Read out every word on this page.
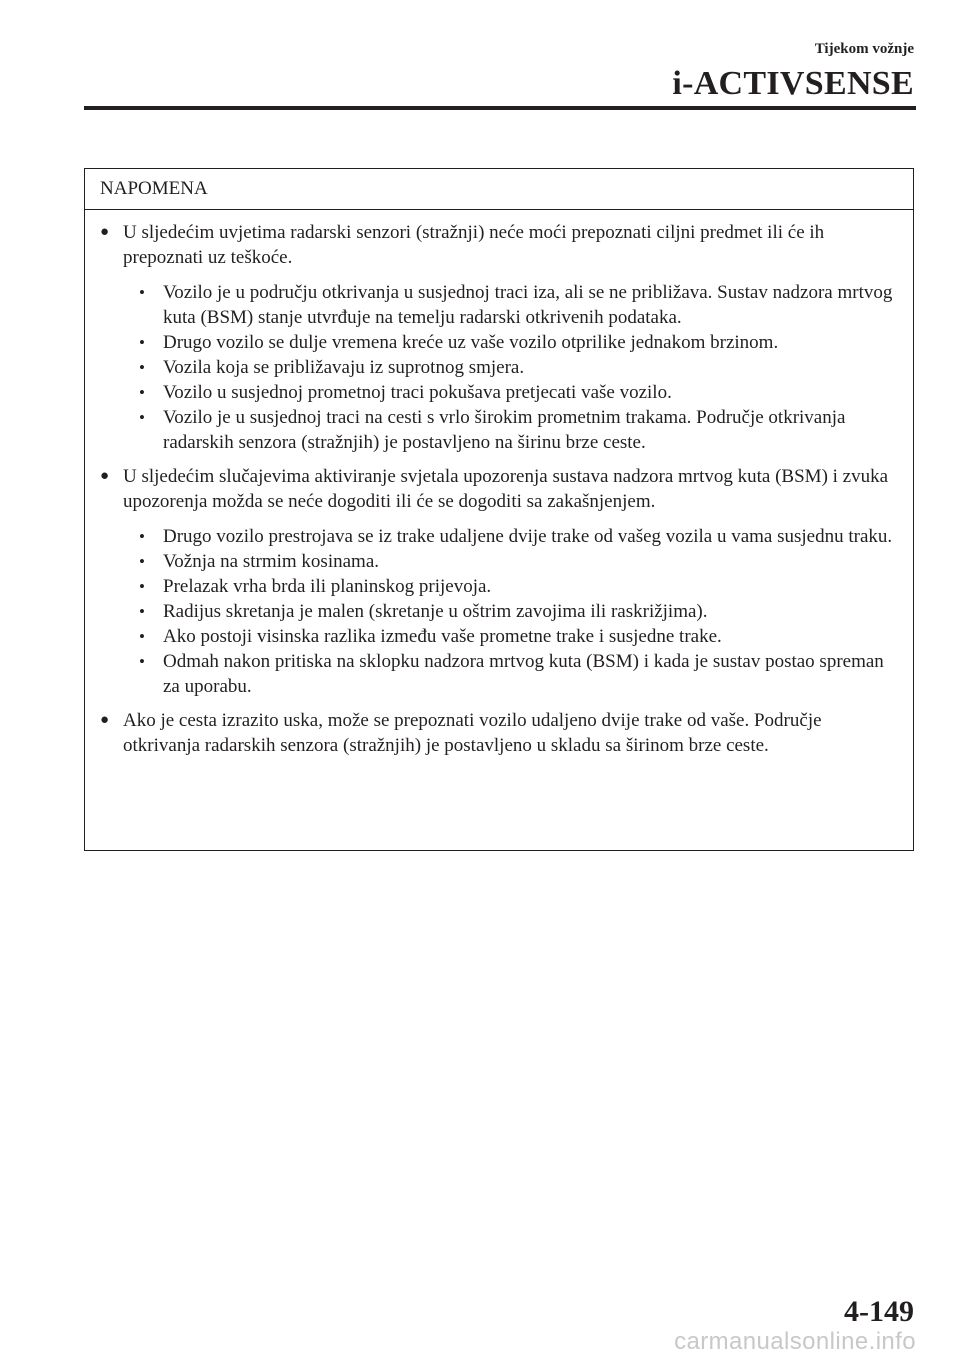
Tijekom vožnje
i-ACTIVSENSE
NAPOMENA
● U sljedećim uvjetima radarski senzori (stražnji) neće moći prepoznati ciljni predmet ili će ih prepoznati uz teškoće.
• Vozilo je u području otkrivanja u susjednoj traci iza, ali se ne približava. Sustav nadzora mrtvog kuta (BSM) stanje utvrđuje na temelju radarski otkrivenih podataka.
• Drugo vozilo se dulje vremena kreće uz vaše vozilo otprilike jednakom brzinom.
• Vozila koja se približavaju iz suprotnog smjera.
• Vozilo u susjednoj prometnoj traci pokušava pretjecati vaše vozilo.
• Vozilo je u susjednoj traci na cesti s vrlo širokim prometnim trakama. Područje otkrivanja radarskih senzora (stražnjih) je postavljeno na širinu brze ceste.
● U sljedećim slučajevima aktiviranje svjetala upozorenja sustava nadzora mrtvog kuta (BSM) i zvuka upozorenja možda se neće dogoditi ili će se dogoditi sa zakašnjenjem.
• Drugo vozilo prestrojava se iz trake udaljene dvije trake od vašeg vozila u vama susjednu traku.
• Vožnja na strmim kosinama.
• Prelazak vrha brda ili planinskog prijevoja.
• Radijus skretanja je malen (skretanje u oštrim zavojima ili raskrižjima).
• Ako postoji visinska razlika između vaše prometne trake i susjedne trake.
• Odmah nakon pritiska na sklopku nadzora mrtvog kuta (BSM) i kada je sustav postao spreman za uporabu.
● Ako je cesta izrazito uska, može se prepoznati vozilo udaljeno dvije trake od vaše. Područje otkrivanja radarskih senzora (stražnjih) je postavljeno u skladu sa širinom brze ceste.
4-149
carmanualsonline.info
